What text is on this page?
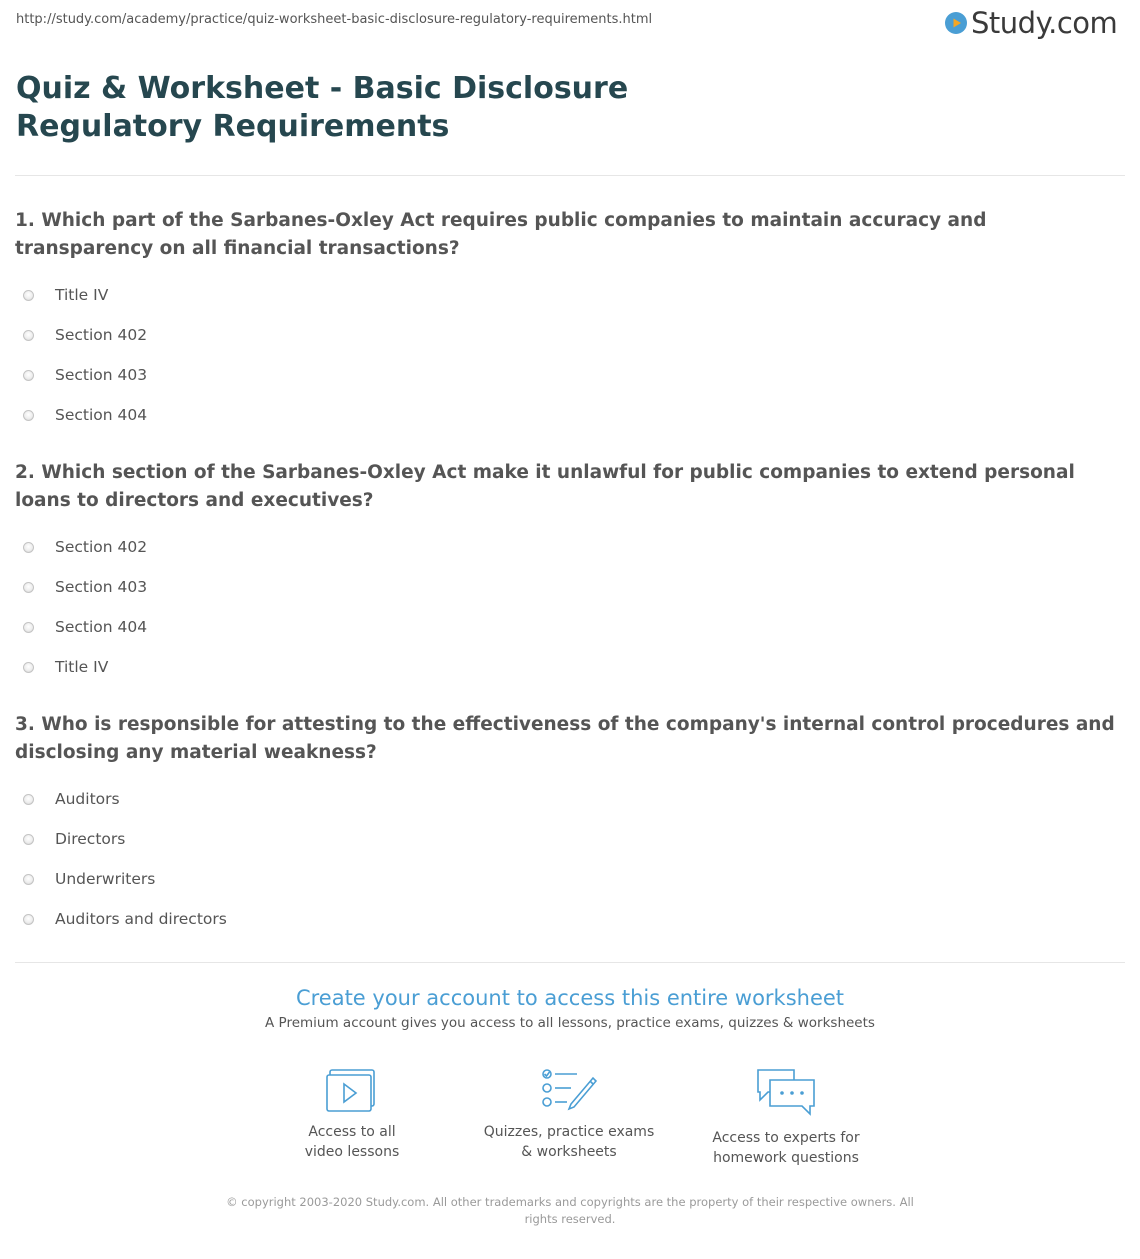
http://study.com/academy/practice/quiz-worksheet-basic-disclosure-regulatory-requirements.html	Study.com
Quiz & Worksheet - Basic Disclosure Regulatory Requirements
1. Which part of the Sarbanes-Oxley Act requires public companies to maintain accuracy and transparency on all financial transactions?
Title IV
Section 402
Section 403
Section 404
2. Which section of the Sarbanes-Oxley Act make it unlawful for public companies to extend personal loans to directors and executives?
Section 402
Section 403
Section 404
Title IV
3. Who is responsible for attesting to the effectiveness of the company's internal control procedures and disclosing any material weakness?
Auditors
Directors
Underwriters
Auditors and directors
Create your account to access this entire worksheet
A Premium account gives you access to all lessons, practice exams, quizzes & worksheets
Access to all
video lessons
Quizzes, practice exams
& worksheets
Access to experts for
homework questions

© copyright 2003-2020 Study.com. All other trademarks and copyrights are the property of their respective owners. All rights reserved.
